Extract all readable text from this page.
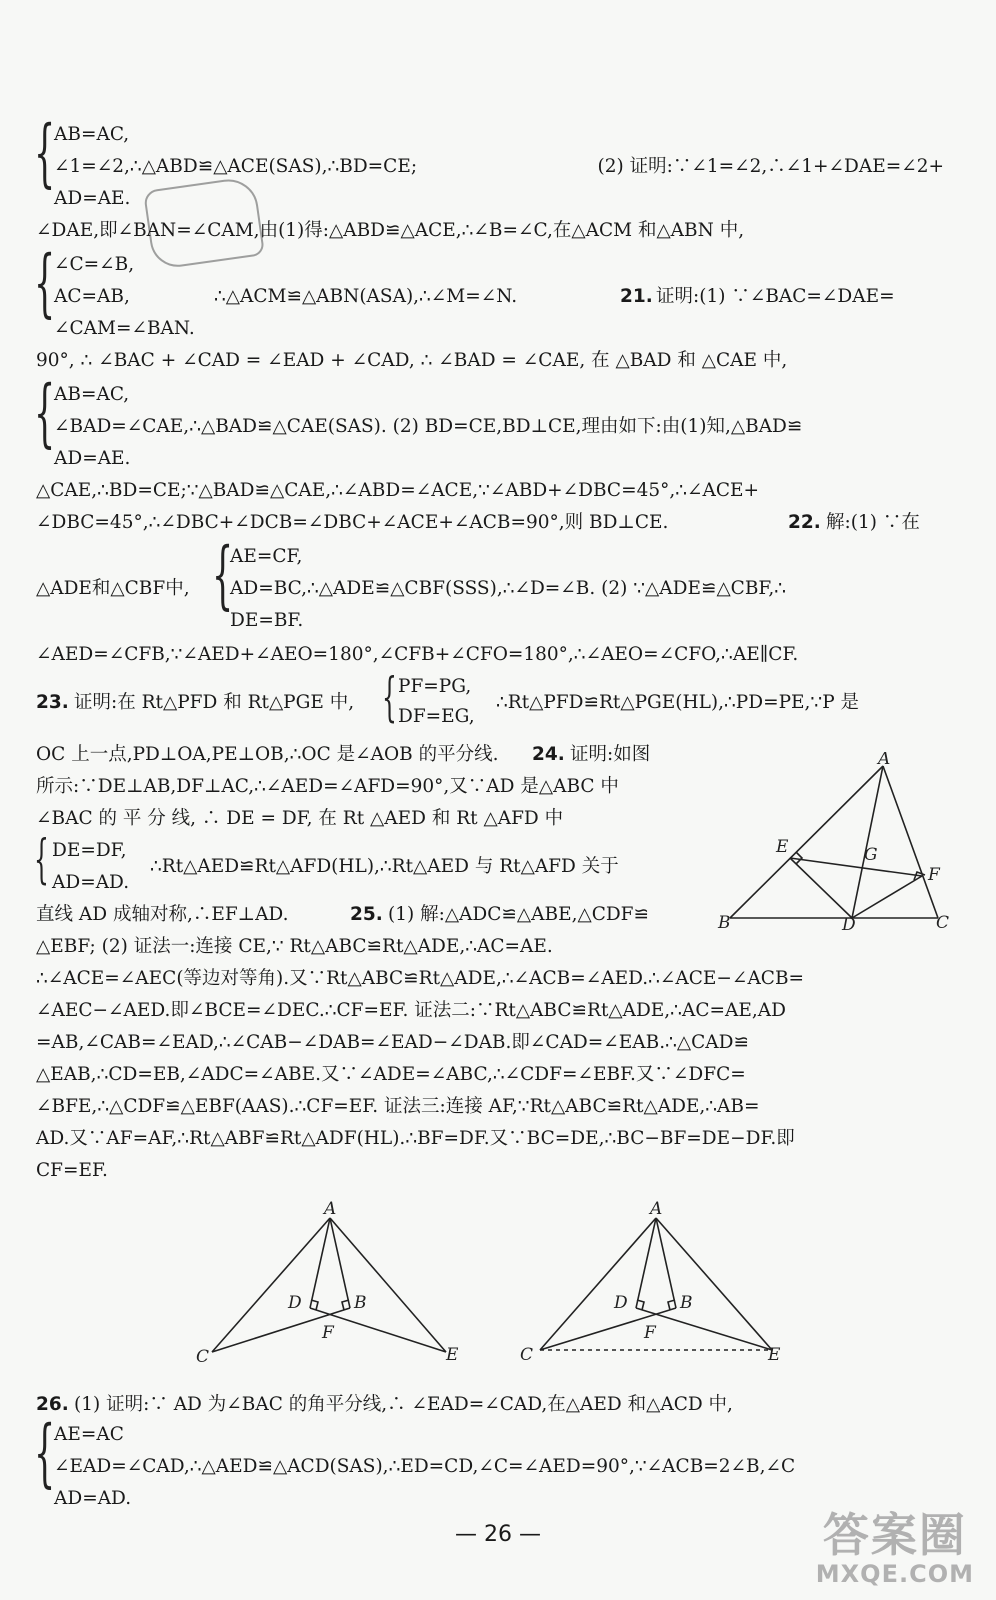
{
AB=AC,
∠1=∠2,∴△ABD≌△ACE(SAS),∴BD=CE;	(2) 证明:∵∠1=∠2,∴∠1+∠DAE=∠2+
AD=AE.
∠DAE,即∠BAN=∠CAM,由(1)得:△ABD≌△ACE,∴∠B=∠C,在△ACM 和△ABN 中,
{
∠C=∠B,
AC=AB,	∴△ACM≌△ABN(ASA),∴∠M=∠N.	21. 证明:(1) ∵∠BAC=∠DAE=
∠CAM=∠BAN.
90°, ∴ ∠BAC + ∠CAD = ∠EAD + ∠CAD, ∴ ∠BAD = ∠CAE, 在 △BAD 和 △CAE 中,
{
AB=AC,
∠BAD=∠CAE,∴△BAD≌△CAE(SAS). (2) BD=CE,BD⊥CE,理由如下:由(1)知,△BAD≌
AD=AE.
△CAE,∴BD=CE;∵△BAD≌△CAE,∴∠ABD=∠ACE,∵∠ABD+∠DBC=45°,∴∠ACE+
∠DBC=45°,∴∠DBC+∠DCB=∠DBC+∠ACE+∠ACB=90°,则 BD⊥CE.	22. 解:(1) ∵在
AE=CF,
△ADE和△CBF中, {
AD=BC,∴△ADE≌△CBF(SSS),∴∠D=∠B. (2) ∵△ADE≌△CBF,∴
DE=BF.
∠AED=∠CFB,∵∠AED+∠AEO=180°,∠CFB+∠CFO=180°,∴∠AEO=∠CFO,∴AE∥CF.
23. 证明:在 Rt△PFD 和 Rt△PGE 中, { PF=PG,
DF=EG,
∴Rt△PFD≌Rt△PGE(HL),∴PD=PE,∵P 是
OC 上一点,PD⊥OA,PE⊥OB,∴OC 是∠AOB 的平分线. 24. 证明:如图
所示:∵DE⊥AB,DF⊥AC,∴∠AED=∠AFD=90°,又∵AD 是△ABC 中
∠BAC 的 平 分 线, ∴ DE = DF, 在 Rt △AED 和 Rt △AFD 中
{ DE=DF,
AD=AD.
∴Rt△AED≌Rt△AFD(HL),∴Rt△AED 与 Rt△AFD 关于
直线 AD 成轴对称,∴EF⊥AD.	25. (1) 解:△ADC≌△ABE,△CDF≌
△EBF; (2) 证法一:连接 CE,∵ Rt△ABC≌Rt△ADE,∴AC=AE.
A
B	C
D
E
F
G
∴∠ACE=∠AEC(等边对等角).又∵Rt△ABC≌Rt△ADE,∴∠ACB=∠AED.∴∠ACE−∠ACB=
∠AEC−∠AED.即∠BCE=∠DEC.∴CF=EF. 证法二:∵Rt△ABC≌Rt△ADE,∴AC=AE,AD
=AB,∠CAB=∠EAD,∴∠CAB−∠DAB=∠EAD−∠DAB.即∠CAD=∠EAB.∴△CAD≌
△EAB,∴CD=EB,∠ADC=∠ABE.又∵∠ADE=∠ABC,∴∠CDF=∠EBF.又∵∠DFC=
∠BFE,∴△CDF≌△EBF(AAS).∴CF=EF. 证法三:连接 AF,∵Rt△ABC≌Rt△ADE,∴AB=
AD.又∵AF=AF,∴Rt△ABF≌Rt△ADF(HL).∴BF=DF.又∵BC=DE,∴BC−BF=DE−DF.即
CF=EF.
A
D	B
F
C	E
A
D	B
F
C	E
26. (1) 证明:∵ AD 为∠BAC 的角平分线,∴ ∠EAD=∠CAD,在△AED 和△ACD 中,
{
AE=AC
∠EAD=∠CAD,∴△AED≌△ACD(SAS),∴ED=CD,∠C=∠AED=90°,∵∠ACB=2∠B,∠C
AD=AD.
— 26 —	答案圈
MXQE.COM
